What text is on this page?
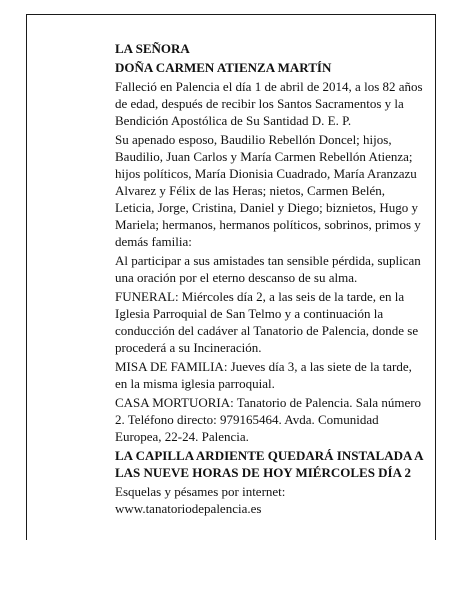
LA SEÑORA

DOÑA CARMEN ATIENZA MARTÍN

Falleció en Palencia el día 1 de abril de 2014, a los 82 años de edad, después de recibir los Santos Sacramentos y la Bendición Apostólica de Su Santidad D. E. P.

Su apenado esposo, Baudilio Rebellón Doncel; hijos, Baudilio, Juan Carlos y María Carmen Rebellón Atienza; hijos políticos, María Dionisia Cuadrado, María Aranzazu Alvarez y Félix de las Heras; nietos, Carmen Belén, Leticia, Jorge, Cristina, Daniel y Diego; biznietos, Hugo y Mariela; hermanos, hermanos políticos, sobrinos, primos y demás familia:

Al participar a sus amistades tan sensible pérdida, suplican una oración por el eterno descanso de su alma.

FUNERAL: Miércoles día 2, a las seis de la tarde, en la Iglesia Parroquial de San Telmo y a continuación la conducción del cadáver al Tanatorio de Palencia, donde se procederá a su Incineración.

MISA DE FAMILIA: Jueves día 3, a las siete de la tarde, en la misma iglesia parroquial.

CASA MORTUORIA: Tanatorio de Palencia. Sala número 2. Teléfono directo: 979165464. Avda. Comunidad Europea, 22-24. Palencia.

LA CAPILLA ARDIENTE QUEDARÁ INSTALADA A LAS NUEVE HORAS DE HOY MIÉRCOLES DÍA 2

Esquelas y pésames por internet:

www.tanatoriodepalencia.es
